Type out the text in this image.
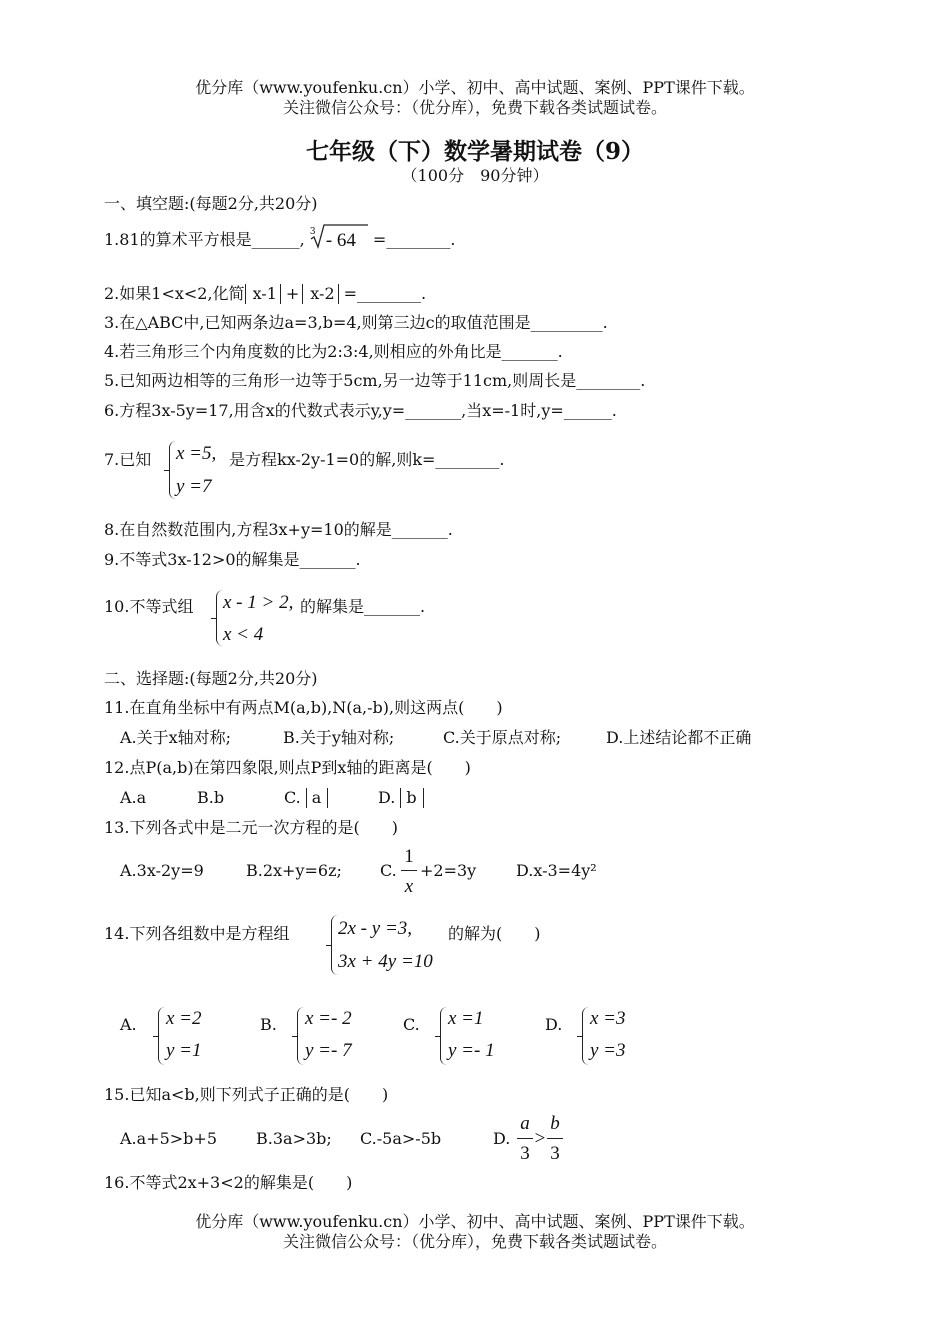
优分库（www.youfenku.cn）小学、初中、高中试题、案例、PPT课件下载。
关注微信公众号：（优分库），免费下载各类试题试卷。
七年级（下）数学暑期试卷（9）
（100分　90分钟）
一、填空题:(每题2分,共20分)
1.81的算术平方根是______, 3 - 64 =________.
2.如果1<x<2,化简 x-1 + x-2 =________.
3.在△ABC中,已知两条边a=3,b=4,则第三边c的取值范围是_________.
4.若三角形三个内角度数的比为2:3:4,则相应的外角比是_______.
5.已知两边相等的三角形一边等于5cm,另一边等于11cm,则周长是________.
6.方程3x-5y=17,用含x的代数式表示y,y=_______,当x=-1时,y=______.
7.已知 x =5,
y =7
是方程kx-2y-1=0的解,则k=________.
8.在自然数范围内,方程3x+y=10的解是_______.
9.不等式3x-12>0的解集是_______.
10.不等式组 x - 1 > 2,
x < 4
的解集是_______.
二、选择题:(每题2分,共20分)
11.在直角坐标中有两点M(a,b),N(a,-b),则这两点(　　)
A.关于x轴对称;	B.关于y轴对称;	C.关于原点对称;	D.上述结论都不正确
12.点P(a,b)在第四象限,则点P到x轴的距离是(　　)
A.a	B.b	C. a	D. b
13.下列各式中是二元一次方程的是(　　)
A.3x-2y=9	B.2x+y=6z; C.
1
x
+2=3y D.x-3=4y²
14.下列各组数中是方程组	2x - y =3,
3x + 4y =10
的解为(　　)
A. x =2
y =1
B. x =- 2
y =- 7
C. x =1
y =- 1
D. x =3
y =3
15.已知a<b,则下列式子正确的是(　　)
A.a+5>b+5 B.3a>3b; C.-5a>-5b	D.
a
3
>
b
3
16.不等式2x+3<2的解集是(　　)
优分库（www.youfenku.cn）小学、初中、高中试题、案例、PPT课件下载。
关注微信公众号：（优分库），免费下载各类试题试卷。
